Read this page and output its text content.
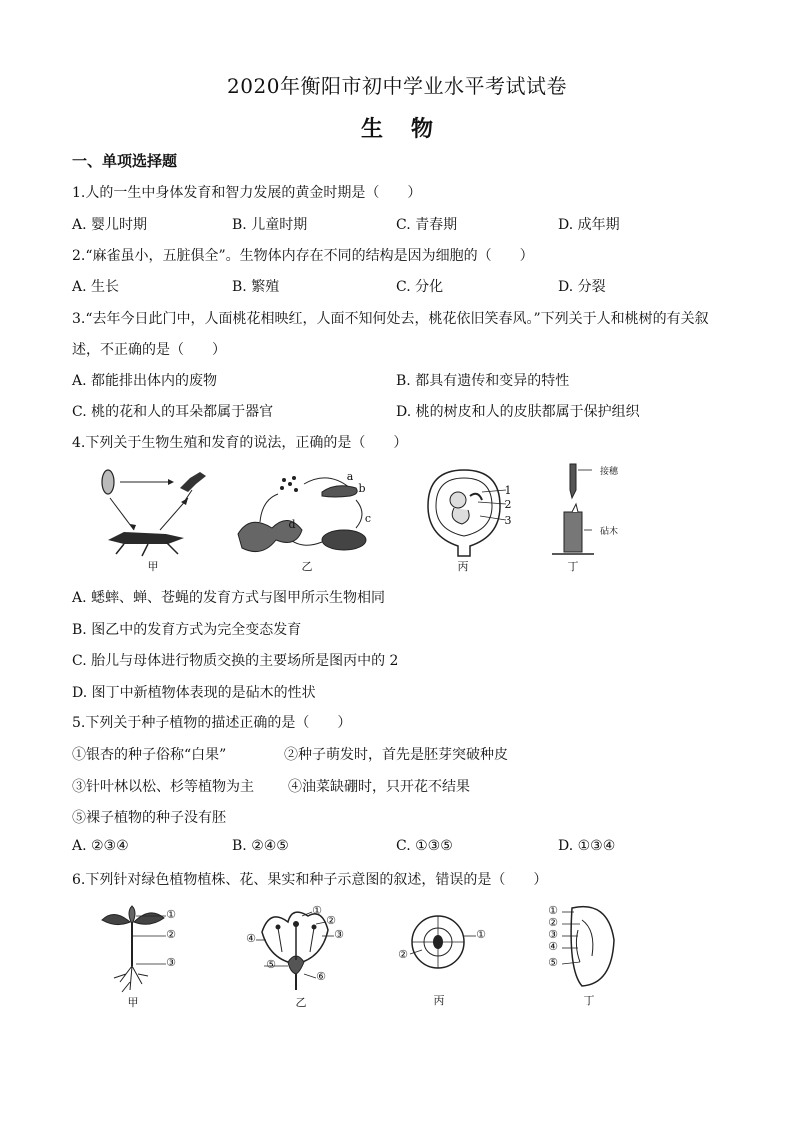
2020年衡阳市初中学业水平考试试卷
生物
一、单项选择题
1.人的一生中身体发育和智力发展的黄金时期是（　　）
A. 婴儿时期	B. 儿童时期	C. 青春期	D. 成年期
2.“麻雀虽小，五脏俱全”。生物体内存在不同的结构是因为细胞的（　　）
A. 生长	B. 繁殖	C. 分化	D. 分裂
3.“去年今日此门中，人面桃花相映红，人面不知何处去，桃花依旧笑春风。”下列关于人和桃树的有关叙
述，不正确的是（　　）
A. 都能排出体内的废物	B. 都具有遗传和变异的特性
C. 桃的花和人的耳朵都属于器官	D. 桃的树皮和人的皮肤都属于保护组织
4.下列关于生物生殖和发育的说法，正确的是（　　）
甲
a
b
c
d
乙
1
2
3
丙
接穗
砧木
丁
A. 蟋蟀、蝉、苍蝇的发育方式与图甲所示生物相同
B. 图乙中的发育方式为完全变态发育
C. 胎儿与母体进行物质交换的主要场所是图丙中的 2
D. 图丁中新植物体表现的是砧木的性状
5.下列关于种子植物的描述正确的是（　　）
①银杏的种子俗称“白果”	②种子萌发时，首先是胚芽突破种皮
③针叶林以松、杉等植物为主 ④油菜缺硼时，只开花不结果
⑤裸子植物的种子没有胚
A. ②③④	B. ②④⑤	C. ①③⑤	D. ①③④
6.下列针对绿色植物植株、花、果实和种子示意图的叙述，错误的是（　　）
①
②
③
甲
①
②
③
④
⑤
⑥
乙
①
②
丙
①
②
③
④
⑤
丁
